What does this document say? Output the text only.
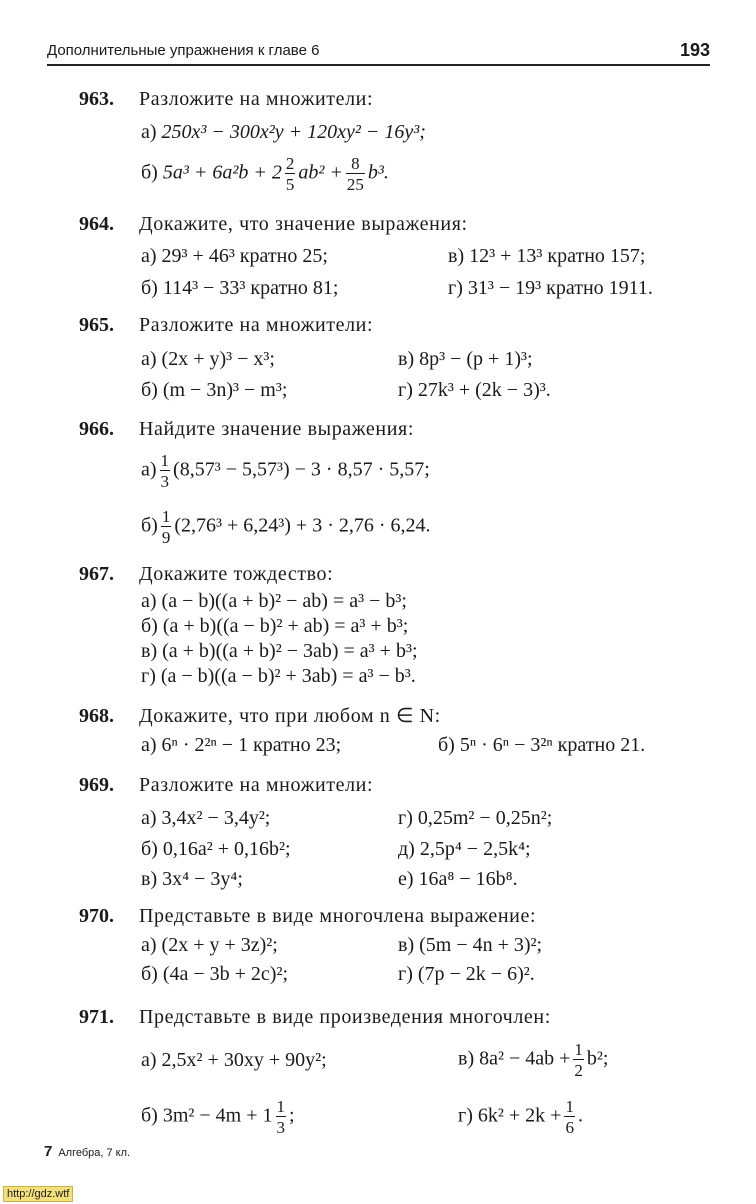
Дополнительные упражнения к главе 6	193
963. Разложите на множители:
а) 250x³ − 300x²y + 120xy² − 16y³;
б) $5a^3 + 6a^2b + 2 \frac{2}{5} ab^2 + \frac{8}{25} b^3$.
964. Докажите, что значение выражения:
а) 29³ + 46³ кратно 25;	в) 12³ + 13³ кратно 157;
б) 114³ − 33³ кратно 81;	г) 31³ − 19³ кратно 1911.
965. Разложите на множители:
а) (2x + y)³ − x³;	в) 8p³ − (p + 1)³;
б) (m − 3n)³ − m³;	г) 27k³ + (2k − 3)³.
966. Найдите значение выражения:
$а) \frac{1}{3} (8,57^3 - 5,57^3) - 3 \cdot 8,57 \cdot 5,57$;
$б) \frac{1}{9} (2,76^3 + 6,24^3) + 3 \cdot 2,76 \cdot 6,24$.
967. Докажите тождество:
а) (a − b)((a + b)² − ab) = a³ − b³;
б) (a + b)((a − b)² + ab) = a³ + b³;
в) (a + b)((a + b)² − 3ab) = a³ + b³;
г) (a − b)((a − b)² + 3ab) = a³ − b³.
968. Докажите, что при любом n ∈ N:
а) 6ⁿ · 2²ⁿ − 1 кратно 23;	б) 5ⁿ · 6ⁿ − 3²ⁿ кратно 21.
969. Разложите на множители:
а) 3,4x² − 3,4y²;	г) 0,25m² − 0,25n²;
б) 0,16a² + 0,16b²;	д) 2,5p⁴ − 2,5k⁴;
в) 3x⁴ − 3y⁴;	е) 16a⁸ − 16b⁸.
970. Представьте в виде многочлена выражение:
а) (2x + y + 3z)²;	в) (5m − 4n + 3)²;
б) (4a − 3b + 2c)²;	г) (7p − 2k − 6)².
971. Представьте в виде произведения многочлен:
а) 2,5x² + 30xy + 90y²;	в) $8a^2 - 4ab + \frac{1}{2} b^2$;
б) $3m^2 - 4m + 1 \frac{1}{3}$ ;	г) $6k^2 + 2k + \frac{1}{6}$ .
7 Алгебра, 7 кл.
http://gdz.wtf
